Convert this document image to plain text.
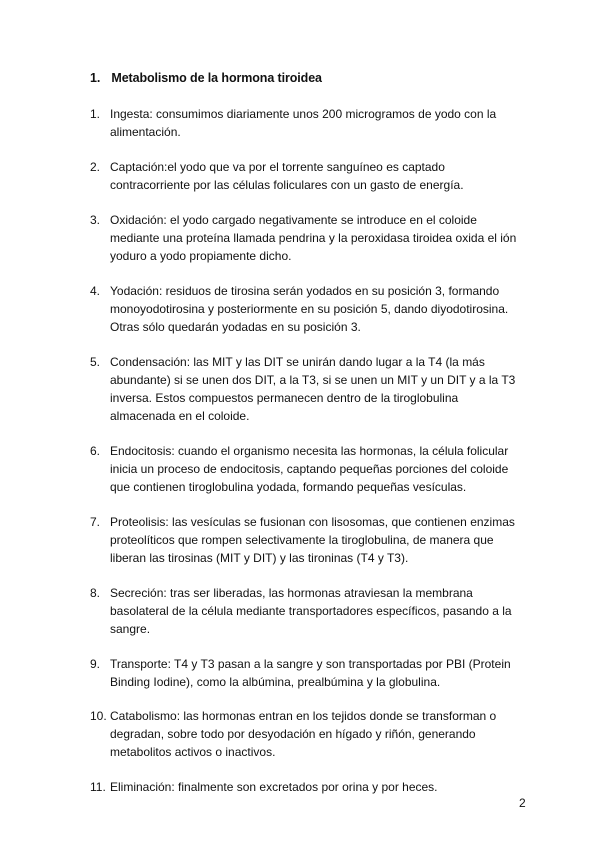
1. Metabolismo de la hormona tiroidea
1. Ingesta: consumimos diariamente unos 200 microgramos de yodo con la
alimentación.
2. Captación:el yodo que va por el torrente sanguíneo es captado
contracorriente por las células foliculares con un gasto de energía.
3. Oxidación: el yodo cargado negativamente se introduce en el coloide
mediante una proteína llamada pendrina y la peroxidasa tiroidea oxida el ión
yoduro a yodo propiamente dicho.
4. Yodación: residuos de tirosina serán yodados en su posición 3, formando
monoyodotirosina y posteriormente en su posición 5, dando diyodotirosina.
Otras sólo quedarán yodadas en su posición 3.
5. Condensación: las MIT y las DIT se unirán dando lugar a la T4 (la más
abundante) si se unen dos DIT, a la T3, si se unen un MIT y un DIT y a la T3
inversa. Estos compuestos permanecen dentro de la tiroglobulina
almacenada en el coloide.
6. Endocitosis: cuando el organismo necesita las hormonas, la célula folicular
inicia un proceso de endocitosis, captando pequeñas porciones del coloide
que contienen tiroglobulina yodada, formando pequeñas vesículas.
7. Proteolisis: las vesículas se fusionan con lisosomas, que contienen enzimas
proteolíticos que rompen selectivamente la tiroglobulina, de manera que
liberan las tirosinas (MIT y DIT) y las tironinas (T4 y T3).
8. Secreción: tras ser liberadas, las hormonas atraviesan la membrana
basolateral de la célula mediante transportadores específicos, pasando a la
sangre.
9. Transporte: T4 y T3 pasan a la sangre y son transportadas por PBI (Protein
Binding Iodine), como la albúmina, prealbúmina y la globulina.
10. Catabolismo: las hormonas entran en los tejidos donde se transforman o
degradan, sobre todo por desyodación en hígado y riñón, generando
metabolitos activos o inactivos.
11. Eliminación: finalmente son excretados por orina y por heces.
2
